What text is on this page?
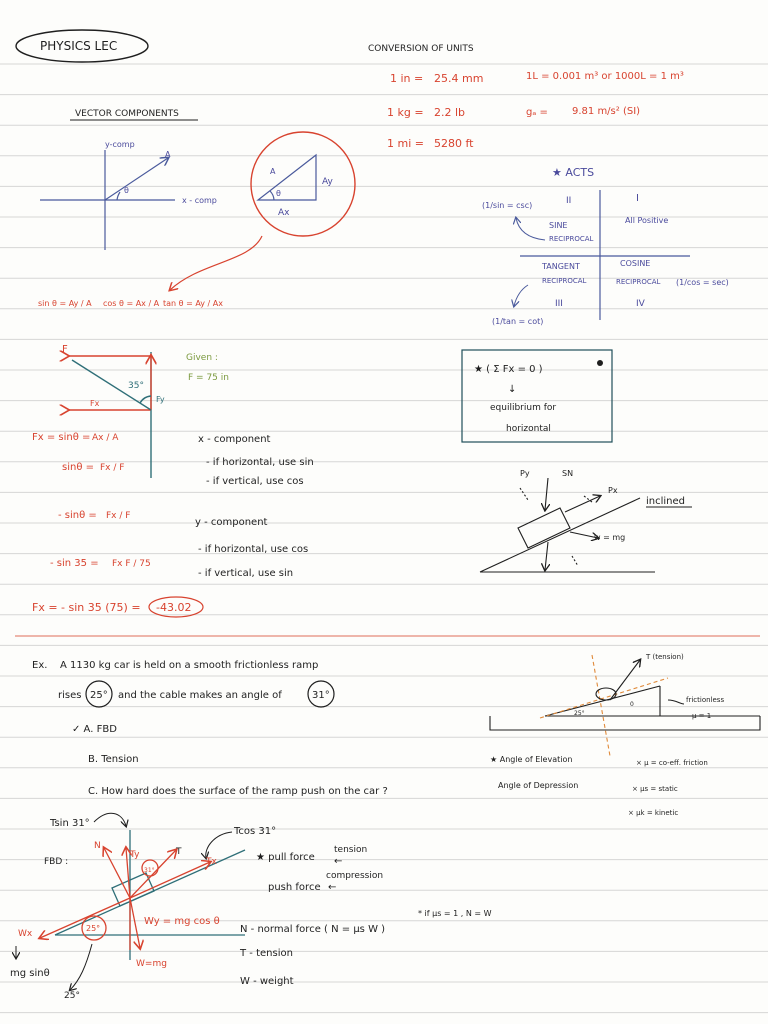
PHYSICS LEC	CONVERSION OF UNITS
1 in = 25.4 mm	1L = 0.001 m³ or 1000L = 1 m³
1 kg = 2.2 lb	gₐ = 9.81 m/s² (SI)
1 mi = 5280 ft
VECTOR COMPONENTS
y-comp
x - comp
A
θ
A
θ
Ay
Ax
sin θ = Ay / A cos θ = Ax / A tan θ = Ay / Ax
★ ACTS
II	I
III	IV
(1/sin = csc)
SINE
RECIPROCAL
All Positive
TANGENT
RECIPROCAL
COSINE
RECIPROCAL (1/cos = sec)
(1/tan = cot)
F
35°
Fx	Fy
Given :
F = 75 in
Fx = sinθ = Ax / A
sinθ = Fx / F
- sinθ = Fx / F
- sin 35 = Fx F / 75
Fx = - sin 35 (75) = -43.02
x - component
- if horizontal, use sin
- if vertical, use cos
y - component
- if horizontal, use cos
- if vertical, use sin
★ ( Σ Fx = 0 )
↓
equilibrium for
horizontal
Py	SN
Px
inclined
w = mg
Ex. A 1130 kg car is held on a smooth frictionless ramp
rises 25° and the cable makes an angle of	31°
✓ A. FBD
B. Tension
C. How hard does the surface of the ramp push on the car ?
T (tension)
frictionless
μ = 1
25°
0
★ Angle of Elevation
Angle of Depression
× μ = co-eff. friction
× μs = static
× μk = kinetic
Tsin 31°
Tcos 31°
FBD :
N
Ty	T
Tx
31°
Wx
25°
Wy = mg cos θ
W=mg
mg sinθ
25°
★ pull force
tension
←
push force
compression
←
N - normal force ( N = μs W )
* if μs = 1 , N = W
T - tension
W - weight
